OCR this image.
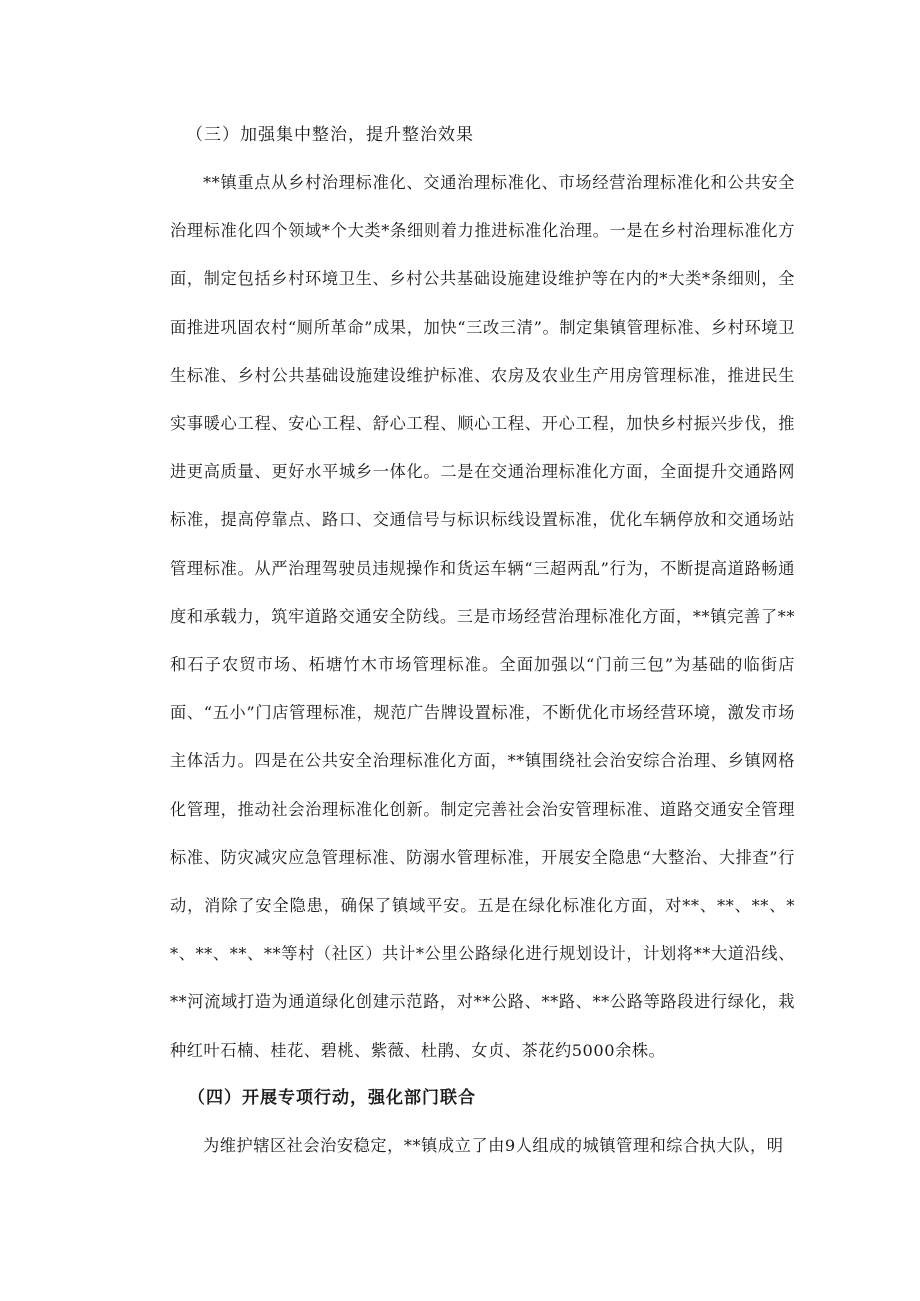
（三）加强集中整治，提升整治效果

**镇重点从乡村治理标准化、交通治理标准化、市场经营治理标准化和公共安全治理标准化四个领域*个大类*条细则着力推进标准化治理。一是在乡村治理标准化方面，制定包括乡村环境卫生、乡村公共基础设施建设维护等在内的*大类*条细则，全面推进巩固农村“厕所革命”成果，加快“三改三清”。制定集镇管理标准、乡村环境卫生标准、乡村公共基础设施建设维护标准、农房及农业生产用房管理标准，推进民生实事暖心工程、安心工程、舒心工程、顺心工程、开心工程，加快乡村振兴步伐，推进更高质量、更好水平城乡一体化。二是在交通治理标准化方面，全面提升交通路网标准，提高停靠点、路口、交通信号与标识标线设置标准，优化车辆停放和交通场站管理标准。从严治理驾驶员违规操作和货运车辆“三超两乱”行为，不断提高道路畅通度和承载力，筑牢道路交通安全防线。三是市场经营治理标准化方面，**镇完善了**和石子农贸市场、柘塘竹木市场管理标准。全面加强以“门前三包”为基础的临街店面、“五小”门店管理标准，规范广告牌设置标准，不断优化市场经营环境，激发市场主体活力。四是在公共安全治理标准化方面，**镇围绕社会治安综合治理、乡镇网格化管理，推动社会治理标准化创新。制定完善社会治安管理标准、道路交通安全管理标准、防灾减灾应急管理标准、防溺水管理标准，开展安全隐患“大整治、大排查”行动，消除了安全隐患，确保了镇域平安。五是在绿化标准化方面，对**、**、**、**、**、**、**等村（社区）共计*公里公路绿化进行规划设计，计划将**大道沿线、**河流域打造为通道绿化创建示范路，对**公路、**路、**公路等路段进行绿化，栽种红叶石楠、桂花、碧桃、紫薇、杜鹃、女贞、茶花约5000余株。

（四）开展专项行动，强化部门联合

为维护辖区社会治安稳定，**镇成立了由9人组成的城镇管理和综合执大队，明
